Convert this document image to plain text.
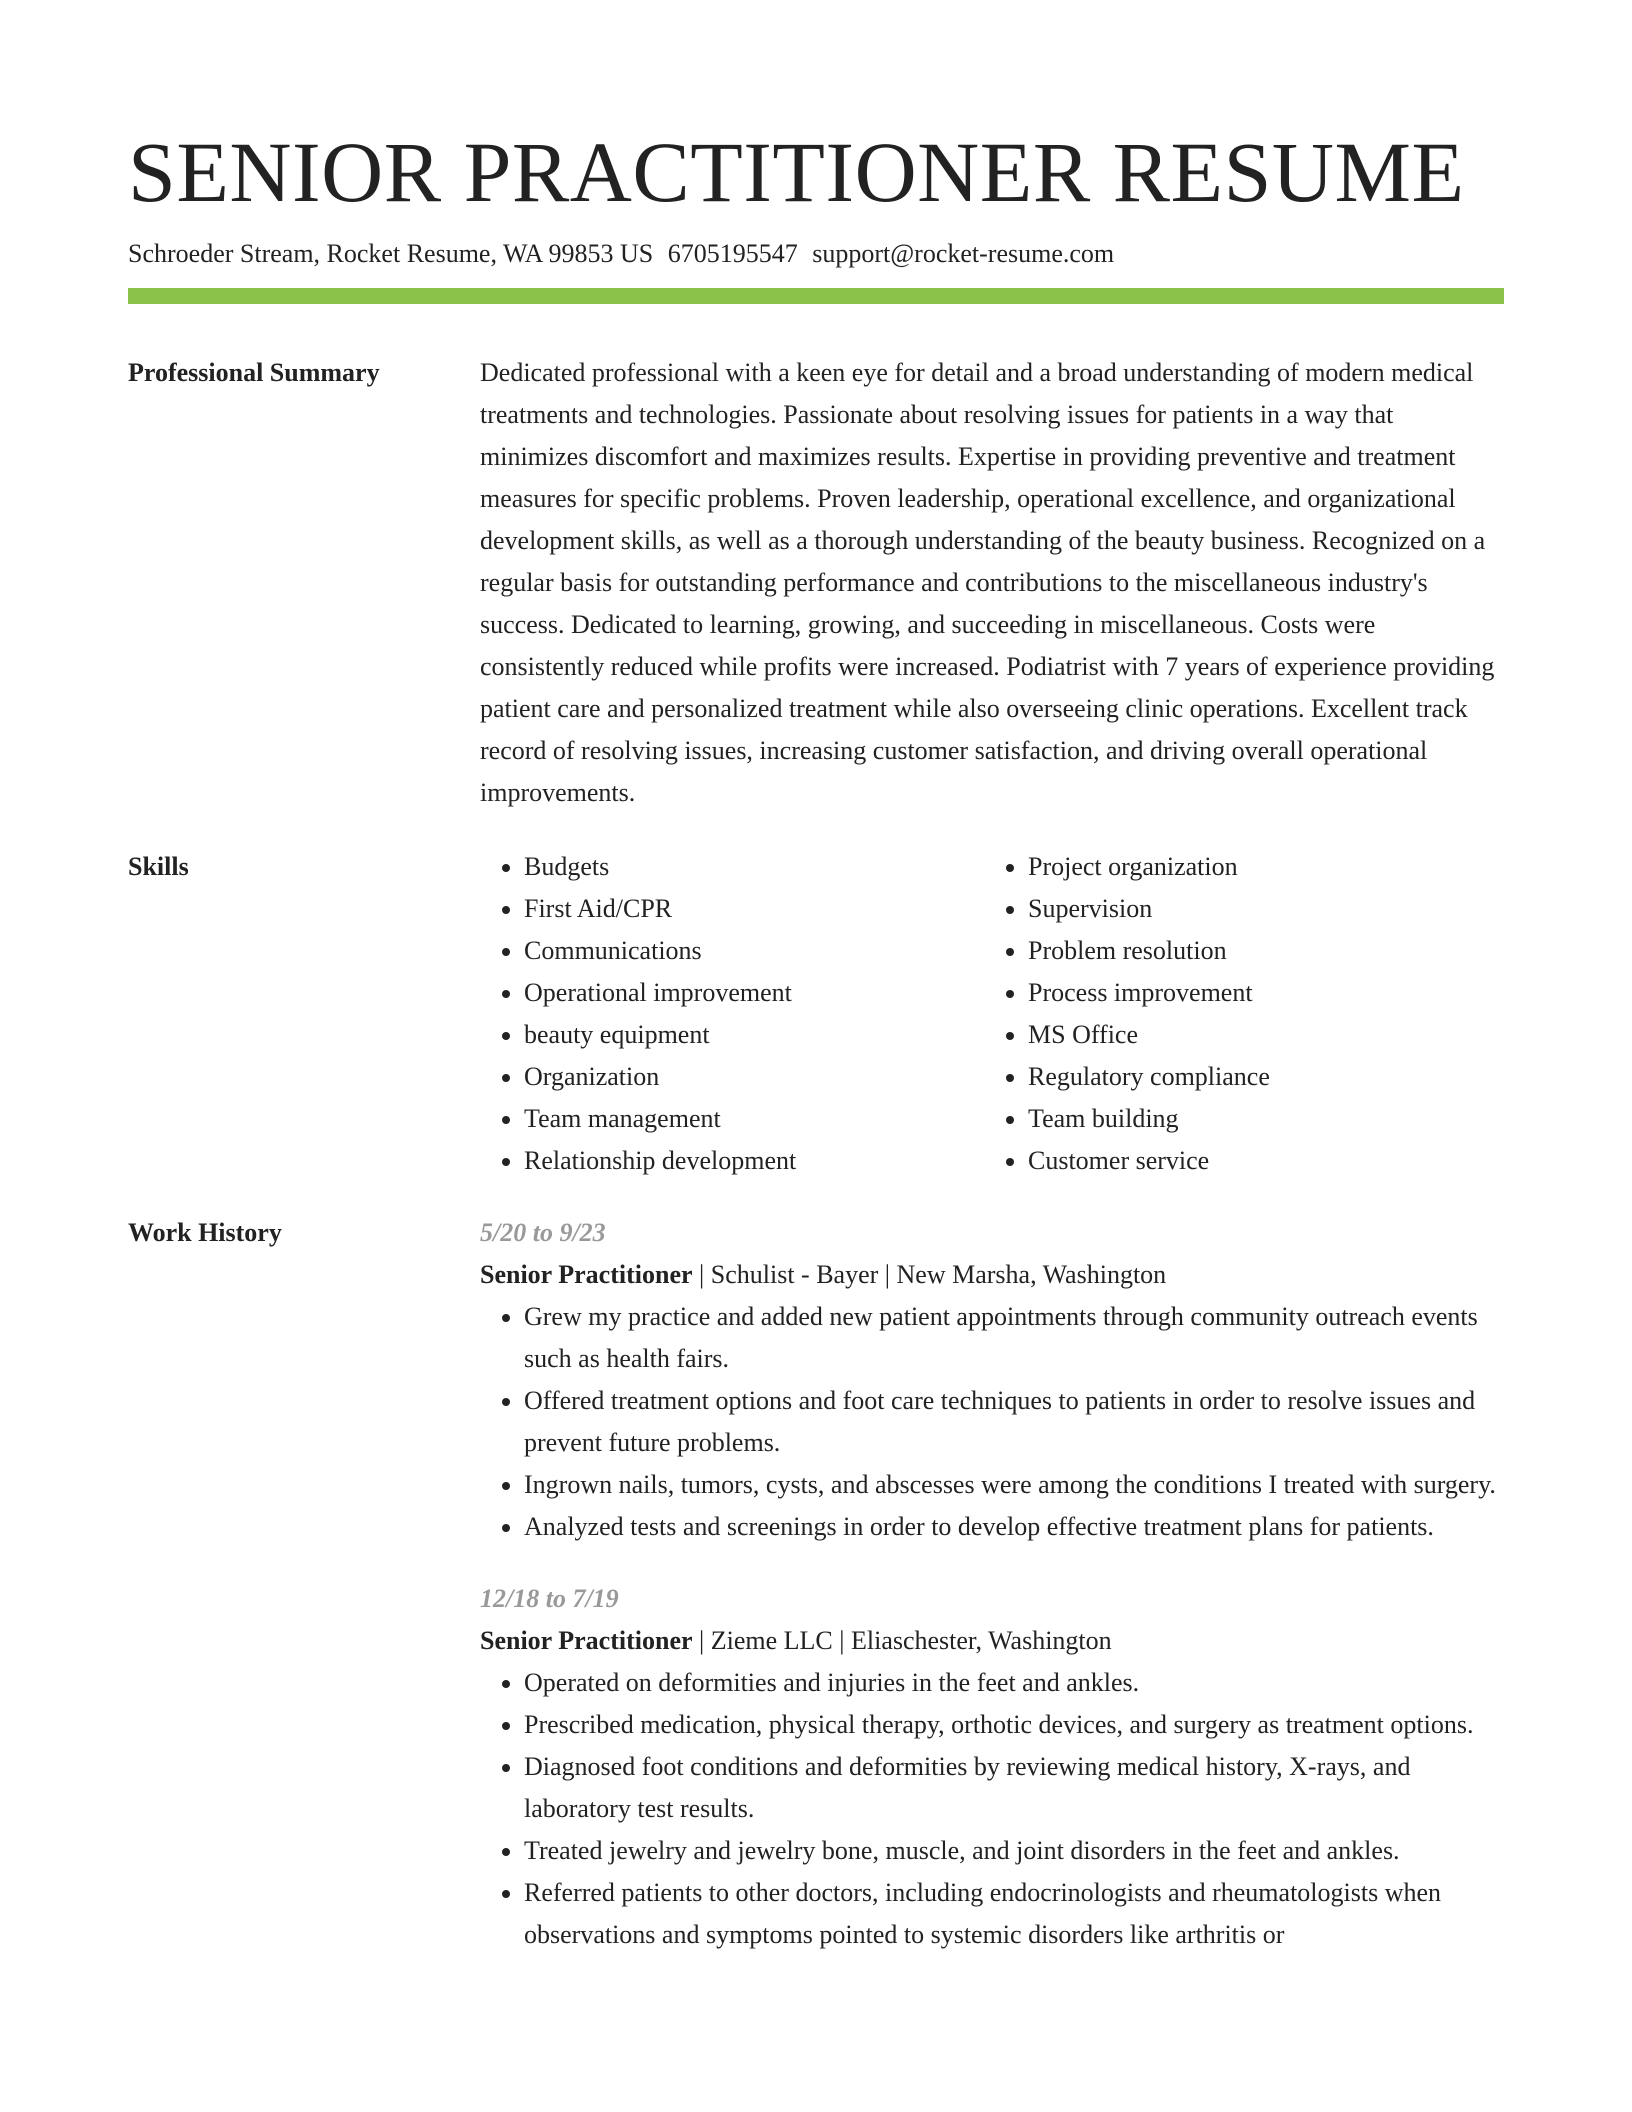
SENIOR PRACTITIONER RESUME
Schroeder Stream, Rocket Resume, WA 99853 US 6705195547 support@rocket-resume.com
Professional Summary	Dedicated professional with a keen eye for detail and a broad understanding of modern medical treatments and technologies. Passionate about resolving issues for patients in a way that minimizes discomfort and maximizes results. Expertise in providing preventive and treatment measures for specific problems. Proven leadership, operational excellence, and organizational development skills, as well as a thorough understanding of the beauty business. Recognized on a regular basis for outstanding performance and contributions to the miscellaneous industry's success. Dedicated to learning, growing, and succeeding in miscellaneous. Costs were consistently reduced while profits were increased. Podiatrist with 7 years of experience providing patient care and personalized treatment while also overseeing clinic operations. Excellent track record of resolving issues, increasing customer satisfaction, and driving overall operational improvements.
Skills
•	Budgets
• First Aid/CPR
• Communications
• Operational improvement
• beauty equipment
• Organization
• Team management
• Relationship development
• Project organization
• Supervision
• Problem resolution
• Process improvement
• MS Office
• Regulatory compliance
• Team building
• Customer service
Work History	5/20 to 9/23
Senior Practitioner | Schulist - Bayer | New Marsha, Washington
• Grew my practice and added new patient appointments through community outreach events such as health fairs.
• Offered treatment options and foot care techniques to patients in order to resolve issues and prevent future problems.
• Ingrown nails, tumors, cysts, and abscesses were among the conditions I treated with surgery.
• Analyzed tests and screenings in order to develop effective treatment plans for patients.
12/18 to 7/19
Senior Practitioner | Zieme LLC | Eliaschester, Washington
• Operated on deformities and injuries in the feet and ankles.
• Prescribed medication, physical therapy, orthotic devices, and surgery as treatment options.
• Diagnosed foot conditions and deformities by reviewing medical history, X-rays, and laboratory test results.
• Treated jewelry and jewelry bone, muscle, and joint disorders in the feet and ankles.
• Referred patients to other doctors, including endocrinologists and rheumatologists when observations and symptoms pointed to systemic disorders like arthritis or
